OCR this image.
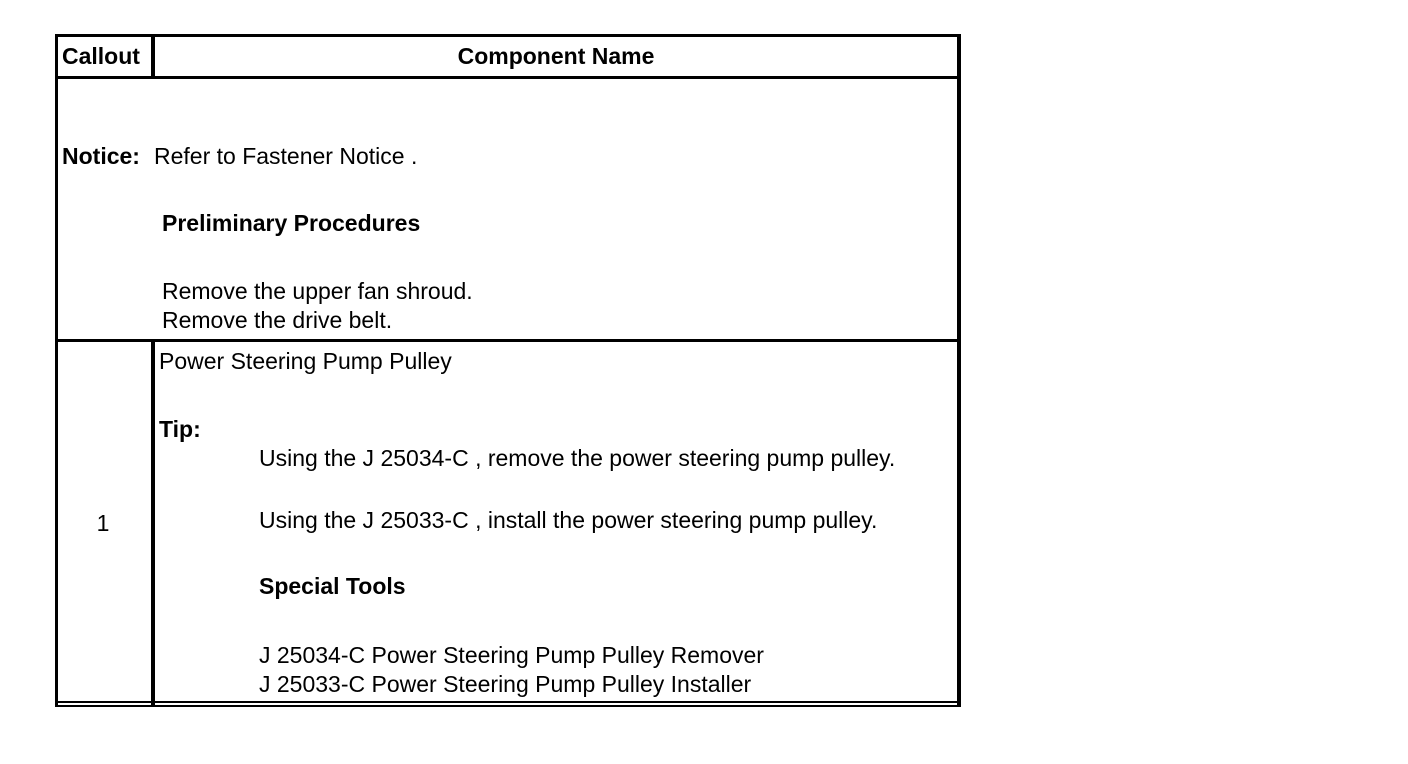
Callout	Component Name
Notice: Refer to Fastener Notice .
Preliminary Procedures
Remove the upper fan shroud.
Remove the drive belt.
1
Power Steering Pump Pulley
Tip:
Using the J 25034-C , remove the power steering pump pulley.
Using the J 25033-C , install the power steering pump pulley.
Special Tools
J 25034-C Power Steering Pump Pulley Remover
J 25033-C Power Steering Pump Pulley Installer
